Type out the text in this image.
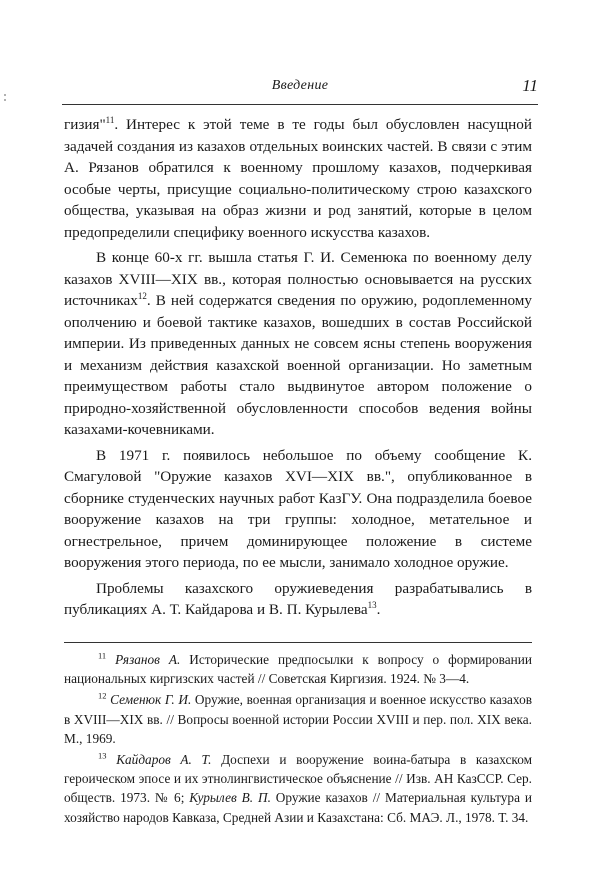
Введение	11

гизия"$^{11}$. Интерес к этой теме в те годы был обусловлен насущной задачей создания из казахов отдельных воинских частей. В связи с этим А. Рязанов обратился к военному прошлому казахов, подчеркивая особые черты, присущие социально-политическому строю казахского общества, указывая на образ жизни и род занятий, которые в целом предопределили специфику военного искусства казахов.

В конце 60-х гг. вышла статья Г. И. Семенюка по военному делу казахов XVIII—XIX вв., которая полностью основывается на русских источниках$^{12}$. В ней содержатся сведения по оружию, родоплеменному ополчению и боевой тактике казахов, вошедших в состав Российской империи. Из приведенных данных не совсем ясны степень вооружения и механизм действия казахской военной организации. Но заметным преимуществом работы стало выдвинутое автором положение о природно-хозяйственной обусловленности способов ведения войны казахами-кочевниками.

В 1971 г. появилось небольшое по объему сообщение К. Смагуловой "Оружие казахов XVI—XIX вв.", опубликованное в сборнике студенческих научных работ КазГУ. Она подразделила боевое вооружение казахов на три группы: холодное, метательное и огнестрельное, причем доминирующее положение в системе вооружения этого периода, по ее мысли, занимало холодное оружие.

Проблемы казахского оружиеведения разрабатывались в публикациях А. Т. Кайдарова и В. П. Курылева$^{13}$.

$^{11}$ Рязанов А. Исторические предпосылки к вопросу о формировании национальных киргизских частей // Советская Киргизия. 1924. № 3—4.

$^{12}$ Семенюк Г. И. Оружие, военная организация и военное искусство казахов в XVIII—XIX вв. // Вопросы военной истории России XVIII и пер. пол. XIX века. М., 1969.

$^{13}$ Кайдаров А. Т. Доспехи и вооружение воина-батыра в казахском героическом эпосе и их этнолингвистическое объяснение // Изв. АН КазССР. Сер. обществ. 1973. № 6; Курылев В. П. Оружие казахов // Материальная культура и хозяйство народов Кавказа, Средней Азии и Казахстана: Сб. МАЭ. Л., 1978. Т. 34.
